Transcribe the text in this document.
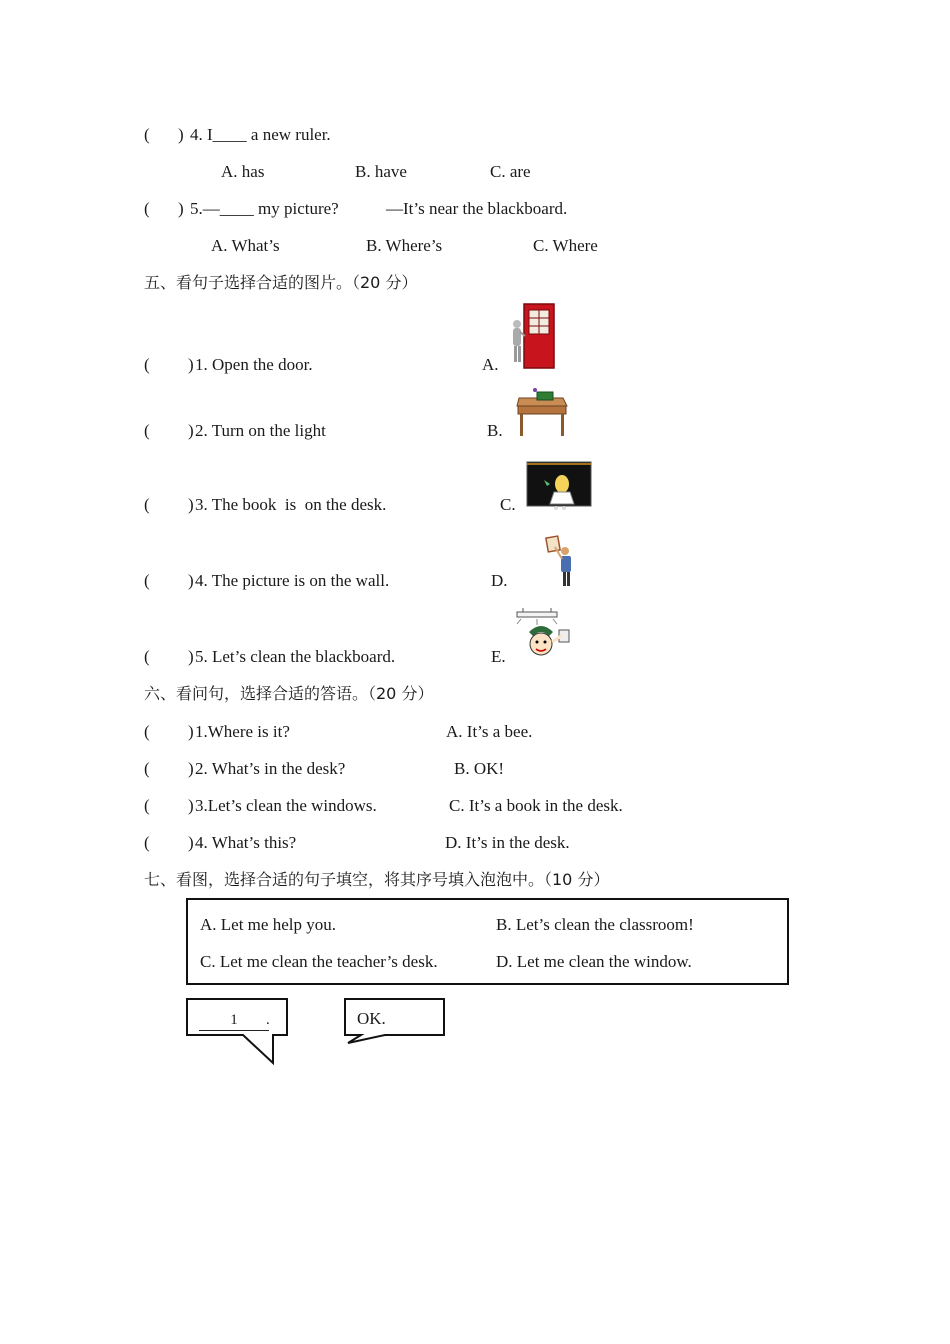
( ) 4. I____ a new ruler.
A. has	B. have	C. are
( ) 5.—____ my picture?	—It’s near the blackboard.
A. What’s	B. Where’s	C. Where
五、看句子选择合适的图片。（20 分）
( ) 1. Open the door.	A.
( ) 2. Turn on the light	B.
( ) 3. The book  is  on the desk.	C.
( ) 4. The picture is on the wall.	D.
( ) 5. Let’s clean the blackboard.	E.
六、看问句，选择合适的答语。（20 分）
( ) 1.Where is it?	A. It’s a bee.
( ) 2. What’s in the desk?	B. OK!
( ) 3.Let’s clean the windows.	C. It’s a book in the desk.
( ) 4. What’s this?	D. It’s in the desk.
七、看图，选择合适的句子填空，将其序号填入泡泡中。（10 分）
A. Let me help you.	B. Let’s clean the classroom!
C. Let me clean the teacher’s desk.	D. Let me clean the window.
1	.	OK.
